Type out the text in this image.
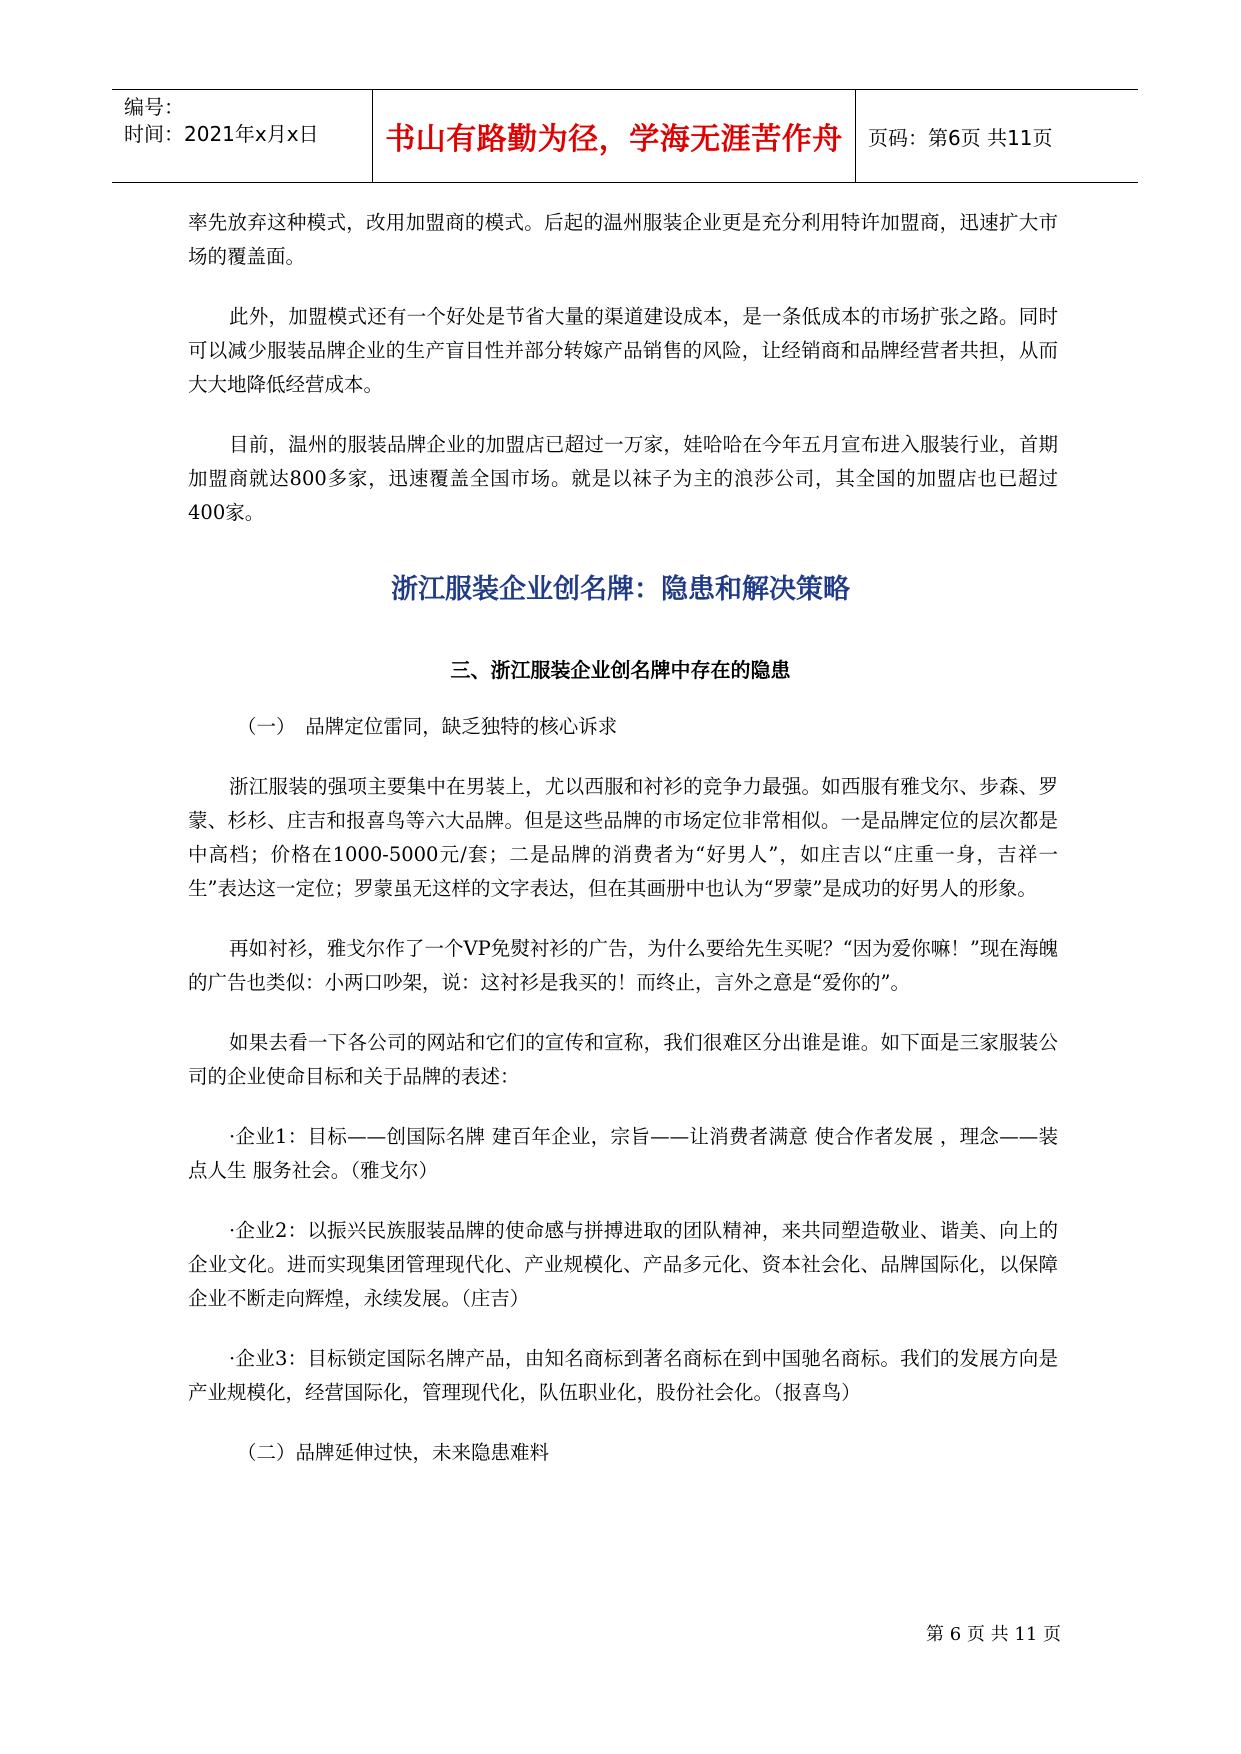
编号：
时间：2021年x月x日	书山有路勤为径，学海无涯苦作舟	页码：第6页 共11页

率先放弃这种模式，改用加盟商的模式。后起的温州服装企业更是充分利用特许加盟商，迅速扩大市场的覆盖面。

此外，加盟模式还有一个好处是节省大量的渠道建设成本，是一条低成本的市场扩张之路。同时可以减少服装品牌企业的生产盲目性并部分转嫁产品销售的风险，让经销商和品牌经营者共担，从而大大地降低经营成本。

目前，温州的服装品牌企业的加盟店已超过一万家，娃哈哈在今年五月宣布进入服装行业，首期加盟商就达800多家，迅速覆盖全国市场。就是以袜子为主的浪莎公司，其全国的加盟店也已超过400家。

浙江服装企业创名牌：隐患和解决策略
三、浙江服装企业创名牌中存在的隐患

（一）　品牌定位雷同，缺乏独特的核心诉求

浙江服装的强项主要集中在男装上，尤以西服和衬衫的竞争力最强。如西服有雅戈尔、步森、罗蒙、杉杉、庄吉和报喜鸟等六大品牌。但是这些品牌的市场定位非常相似。一是品牌定位的层次都是中高档；价格在1000-5000元/套；二是品牌的消费者为“好男人”，如庄吉以“庄重一身，吉祥一生”表达这一定位；罗蒙虽无这样的文字表达，但在其画册中也认为“罗蒙”是成功的好男人的形象。

再如衬衫，雅戈尔作了一个VP免熨衬衫的广告，为什么要给先生买呢？“因为爱你嘛！”现在海魄的广告也类似：小两口吵架，说：这衬衫是我买的！而终止，言外之意是“爱你的”。

如果去看一下各公司的网站和它们的宣传和宣称，我们很难区分出谁是谁。如下面是三家服装公司的企业使命目标和关于品牌的表述：

·企业1：目标——创国际名牌 建百年企业，宗旨——让消费者满意 使合作者发展 ，理念——装点人生 服务社会。（雅戈尔）

·企业2：以振兴民族服装品牌的使命感与拼搏进取的团队精神，来共同塑造敬业、谐美、向上的企业文化。进而实现集团管理现代化、产业规模化、产品多元化、资本社会化、品牌国际化，以保障企业不断走向辉煌，永续发展。（庄吉）

·企业3：目标锁定国际名牌产品，由知名商标到著名商标在到中国驰名商标。我们的发展方向是产业规模化，经营国际化，管理现代化，队伍职业化，股份社会化。（报喜鸟）

（二）品牌延伸过快，未来隐患难料

第 6 页 共 11 页
